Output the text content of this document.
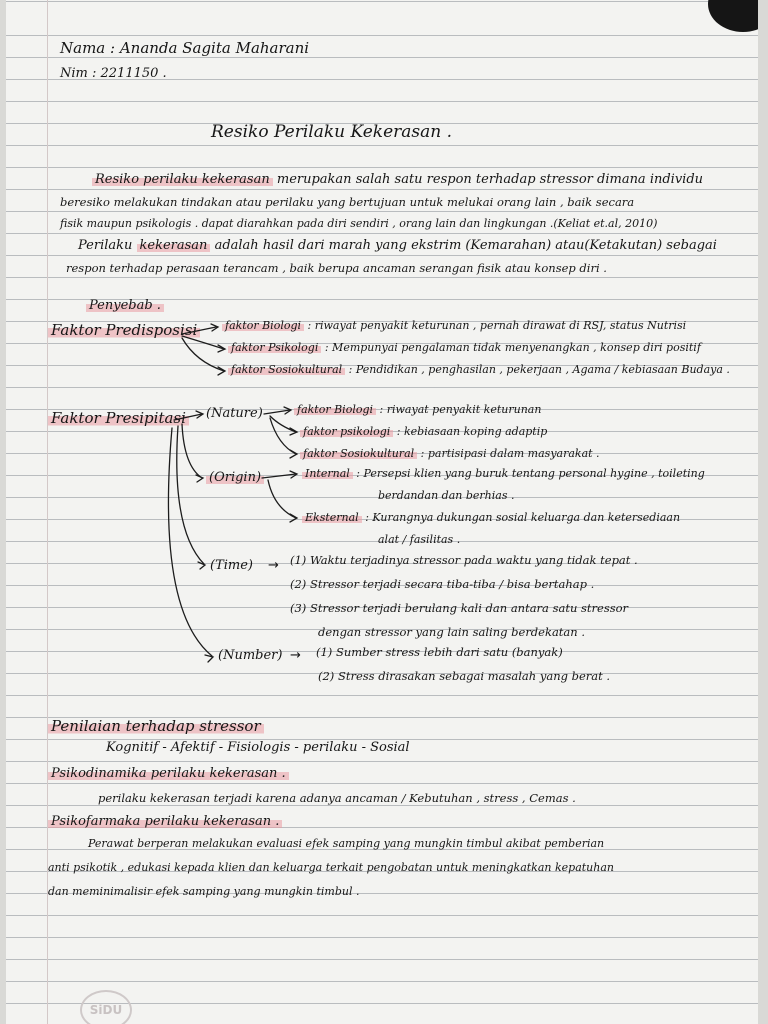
Nama : Ananda Sagita Maharani
Nim : 2211150 .
Resiko Perilaku Kekerasan .
Resiko perilaku kekerasan merupakan salah satu respon terhadap stressor dimana individu
beresiko melakukan tindakan atau perilaku yang bertujuan untuk melukai orang lain , baik secara
fisik maupun psikologis . dapat diarahkan pada diri sendiri , orang lain dan lingkungan .(Keliat et.al, 2010)
Perilaku kekerasan adalah hasil dari marah yang ekstrim (Kemarahan) atau(Ketakutan) sebagai
respon terhadap perasaan terancam , baik berupa ancaman serangan fisik atau konsep diri .
Penyebab .
Faktor Predisposisi	faktor Biologi : riwayat penyakit keturunan , pernah dirawat di RSJ, status Nutrisi
faktor Psikologi : Mempunyai pengalaman tidak menyenangkan , konsep diri positif
faktor Sosiokultural : Pendidikan , penghasilan , pekerjaan , Agama / kebiasaan Budaya .
Faktor Presipitasi (Nature)	faktor Biologi : riwayat penyakit keturunan
faktor psikologi : kebiasaan koping adaptip
faktor Sosiokultural : partisipasi dalam masyarakat .
(Origin)	Internal : Persepsi klien yang buruk tentang personal hygine , toileting
berdandan dan berhias .
Eksternal : Kurangnya dukungan sosial keluarga dan ketersediaan
alat / fasilitas .
(Time) → (1) Waktu terjadinya stressor pada waktu yang tidak tepat .
(2) Stressor terjadi secara tiba-tiba / bisa bertahap .
(3) Stressor terjadi berulang kali dan antara satu stressor
dengan stressor yang lain saling berdekatan .
(Number) → (1) Sumber stress lebih dari satu (banyak)
(2) Stress dirasakan sebagai masalah yang berat .
Penilaian terhadap stressor
Kognitif - Afektif - Fisiologis - perilaku - Sosial
Psikodinamika perilaku kekerasan .
perilaku kekerasan terjadi karena adanya ancaman / Kebutuhan , stress , Cemas .
Psikofarmaka perilaku kekerasan .
Perawat berperan melakukan evaluasi efek samping yang mungkin timbul akibat pemberian
anti psikotik , edukasi kepada klien dan keluarga terkait pengobatan untuk meningkatkan kepatuhan
dan meminimalisir efek samping yang mungkin timbul .
SiDU
